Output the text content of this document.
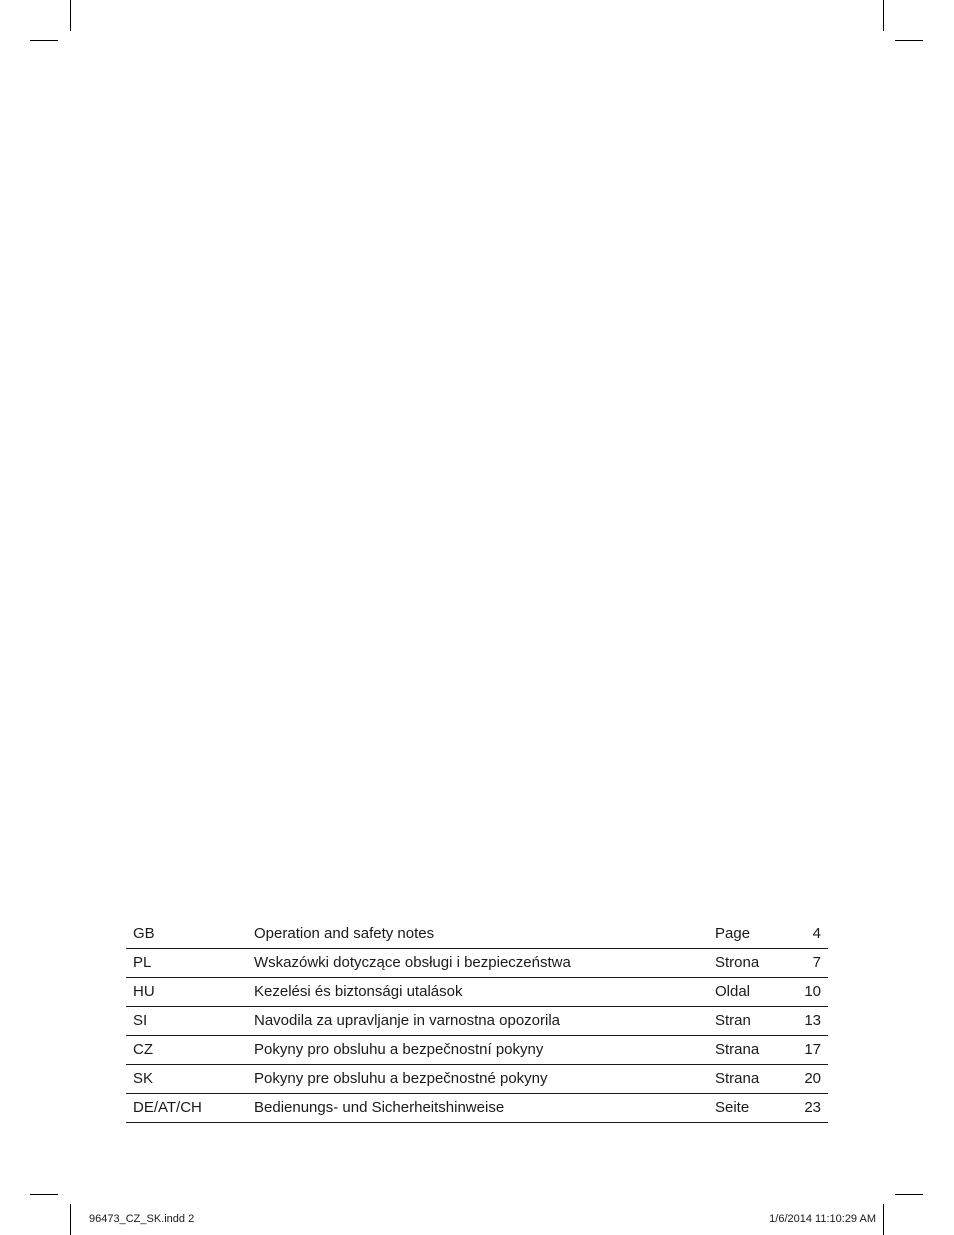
GB	Operation and safety notes	Page	4
PL	Wskazówki dotyczące obsługi i bezpieczeństwa	Strona	7
HU	Kezelési és biztonsági utalások	Oldal	10
SI	Navodila za upravljanje in varnostna opozorila	Stran	13
CZ	Pokyny pro obsluhu a bezpečnostní pokyny	Strana	17
SK	Pokyny pre obsluhu a bezpečnostné pokyny	Strana	20
DE/AT/CH	Bedienungs- und Sicherheitshinweise	Seite	23
96473_CZ_SK.indd 2	1/6/2014 11:10:29 AM
